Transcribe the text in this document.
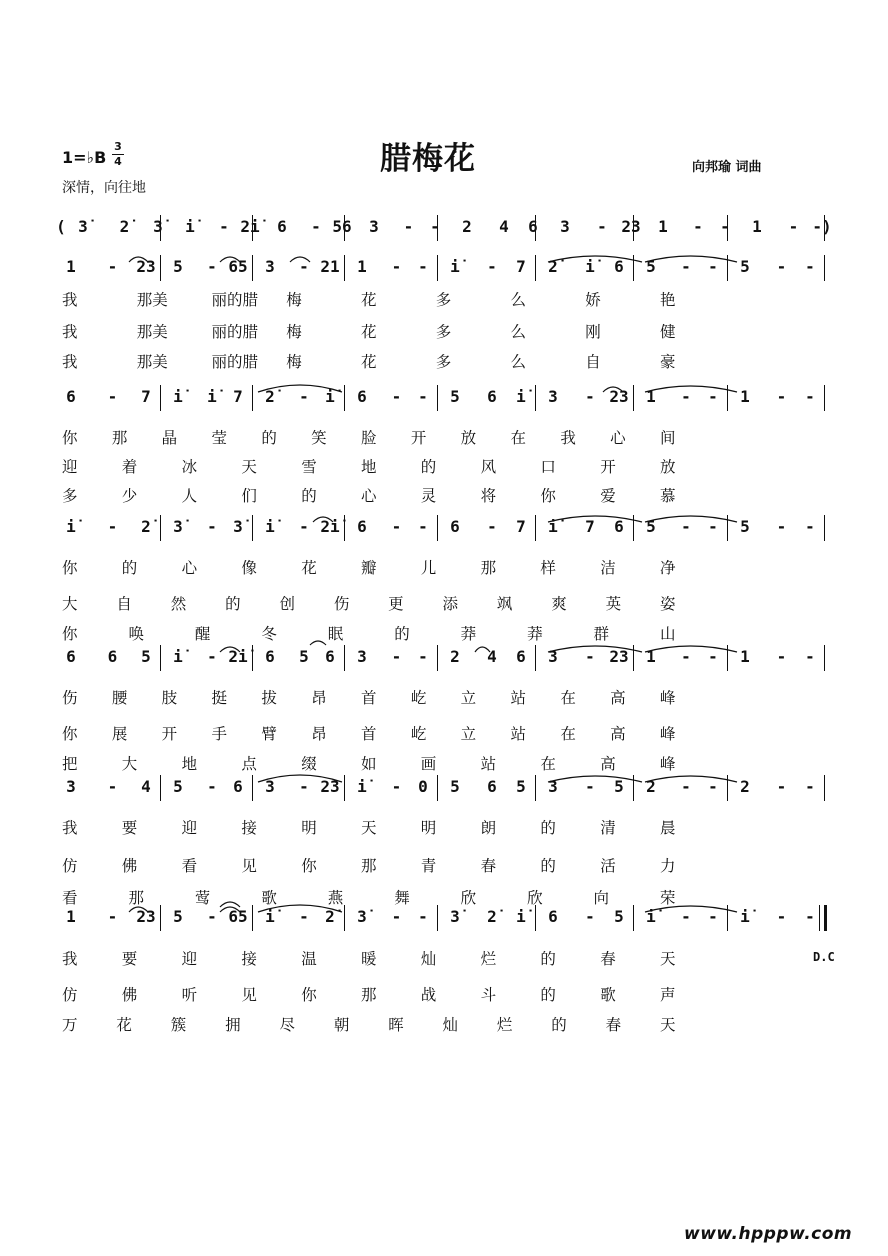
1=♭B
3
4	腊梅花	向邦瑜 词曲
深情，向往地
( 3̇	2̇	3̇	i̇	- 2̇i̇	6	- 56	3	-	-	2	4	6	3	- 23	1	-	-	1	- -)
1	-	23	5	- 65	3	- 21	1	-	-	i̇	-	7	2̇	i̇	6	5	-	-	5	-	-
我	那美	丽的腊 梅	花	多	么	娇	艳
我	那美	丽的腊 梅	花	多	么	刚	健
我	那美	丽的腊 梅	花	多	么	自	豪
6	-	7	i̇	i̇	7	2̇	-	i̇	6	-	-	5	6	i̇	3	- 23	1	-	-	1	-	-
你 那 晶 莹 的 笑 脸 开 放 在 我 心 间
迎	着	冰	天	雪	地	的	风	口	开	放
多	少	人	们	的	心	灵	将	你	爱	慕
i̇	-	2̇	3̇	-	3̇	i̇	- 2̇i̇	6	-	-	6	-	7	i̇	7	6	5	-	-	5	-	-
你	的	心	像	花	瓣	儿	那	样	洁	净
大	自	然	的	创	伤	更	添	飒	爽	英	姿
你	唤	醒	冬	眠	的	莽	莽	群	山
6	6	5	i̇	- 2̇i̇	6	5	6	3	-	-	2	4	6	3	- 23	1	-	-	1	-	-
伤 腰 肢 挺 拔 昂 首 屹 立 站 在 高 峰
你 展 开 手 臂 昂 首 屹 立 站 在 高 峰
把	大	地	点	缀	如	画	站	在	高	峰
3	-	4	5	-	6	3	- 23	i̇	-	0	5	6	5	3	-	5	2	-	-	2	-	-
我	要	迎	接	明	天	明	朗	的	清	晨
仿	佛	看	见	你	那	青	春	的	活	力
看	那	莺	歌	燕	舞	欣	欣	向	荣
1	-	23	5	- 65	i̇	-	2̇	3̇	-	-	3̇	2̇	i̇	6	-	5	i̇	-	-	i̇	-	-
我	要	迎	接	温	暖	灿	烂	的	春	天
仿	佛	听	见	你	那	战	斗	的	歌	声
万	花	簇	拥	尽	朝	晖	灿	烂	的	春	天
D.C
www.hpppw.com
